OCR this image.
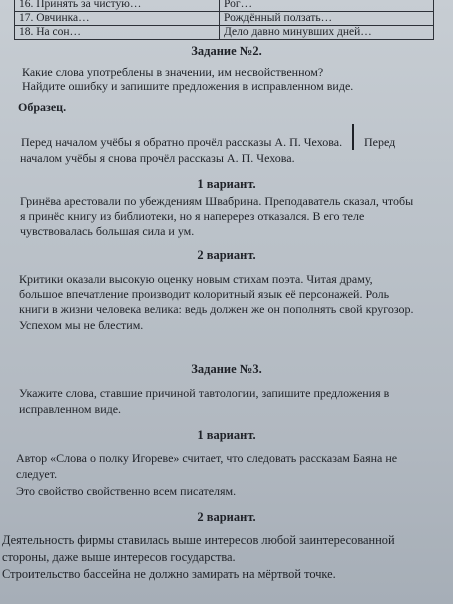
16. Принять за чистую…	Рог…
17. Овчинка…	Рождённый ползать…
18. На сон…	Дело давно минувших дней…
Задание №2.
Какие слова употреблены в значении, им несвойственном?
Найдите ошибку и запишите предложения в исправленном виде.
Образец.
Перед началом учёбы я обратно прочёл рассказы А. П. Чехова. Перед
началом учёбы я снова прочёл рассказы А. П. Чехова.
1 вариант.
Гринёва арестовали по убеждениям Швабрина. Преподаватель сказал, чтобы
я принёс книгу из библиотеки, но я наперерез отказался. В его теле
чувствовалась большая сила и ум.
2 вариант.
Критики оказали высокую оценку новым стихам поэта. Читая драму,
большое впечатление производит колоритный язык её персонажей. Роль
книги в жизни человека велика: ведь должен же он пополнять свой кругозор.
Успехом мы не блестим.
Задание №3.
Укажите слова, ставшие причиной тавтологии, запишите предложения в
исправленном виде.
1 вариант.
Автор «Слова о полку Игореве» считает, что следовать рассказам Баяна не
следует.
Это свойство свойственно всем писателям.
2 вариант.
Деятельность фирмы ставилась выше интересов любой заинтересованной
стороны, даже выше интересов государства.
Строительство бассейна не должно замирать на мёртвой точке.
